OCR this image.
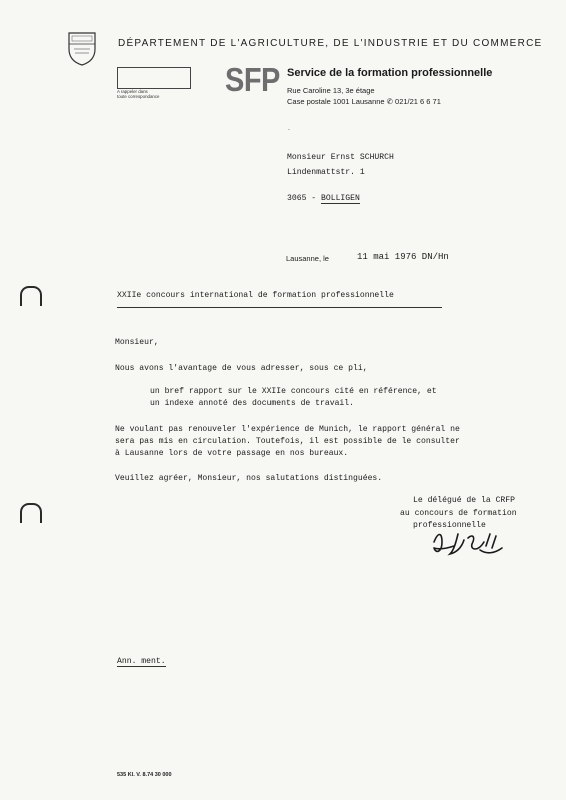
DÉPARTEMENT DE L'AGRICULTURE, DE L'INDUSTRIE ET DU COMMERCE
A rappeler dans
toute correspondance SFP Service de la formation professionnelle
Rue Caroline 13, 3e étage
Case postale 1001 Lausanne ✆ 021/21 6 6 71
.
Monsieur Ernst SCHURCH
Lindenmattstr. 1
3065 - BOLLIGEN
Lausanne, le	11 mai 1976 DN/Hn
XXIIe concours international de formation professionnelle
Monsieur,
Nous avons l'avantage de vous adresser, sous ce pli,
un bref rapport sur le XXIIe concours cité en référence, et
un indexe annoté des documents de travail.
Ne voulant pas renouveler l'expérience de Munich, le rapport général ne
sera pas mis en circulation. Toutefois, il est possible de le consulter
à Lausanne lors de votre passage en nos bureaux.
Veuillez agréer, Monsieur, nos salutations distinguées.
Le délégué de la CRFP
au concours de formation
professionnelle
Ann. ment.
535 Kl. V. 8.74 30 000
